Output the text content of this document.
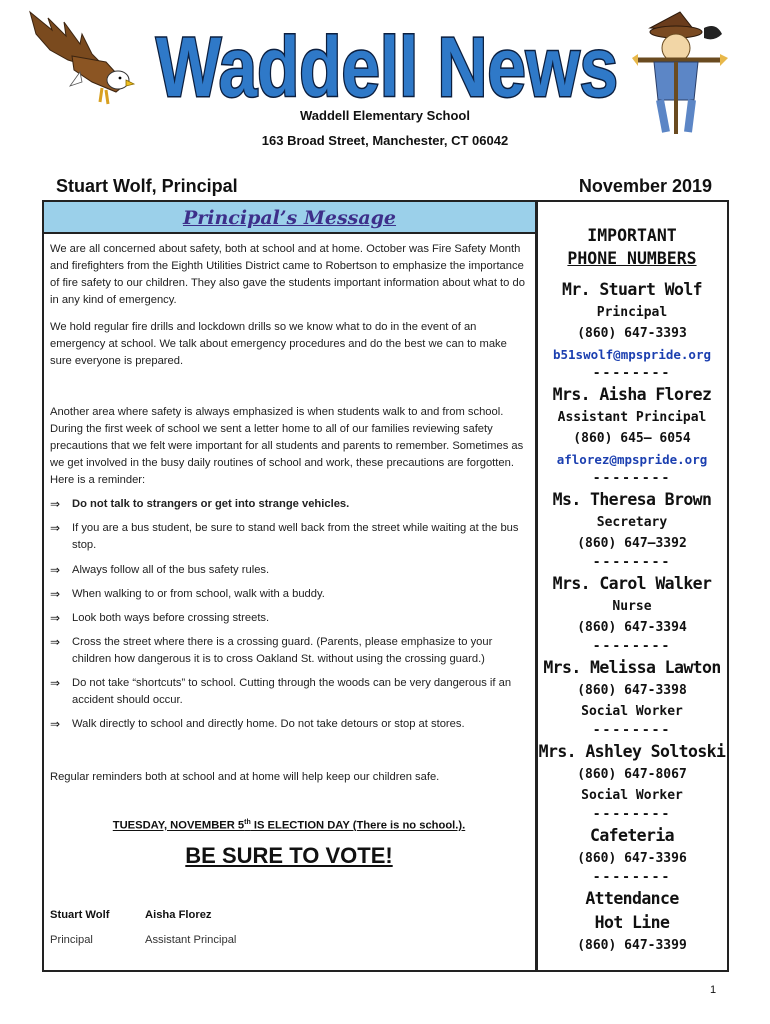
Waddell News
Waddell Elementary School
163 Broad Street, Manchester, CT 06042
Stuart Wolf, Principal	November 2019
Principal’s Message
We are all concerned about safety, both at school and at home. October was Fire Safety Month and firefighters from the Eighth Utilities District came to Robertson to emphasize the importance of fire safety to our children. They also gave the students important information about what to do in any kind of emergency.
We hold regular fire drills and lockdown drills so we know what to do in the event of an emergency at school. We talk about emergency procedures and do the best we can to make sure everyone is prepared.
Another area where safety is always emphasized is when students walk to and from school. During the first week of school we sent a letter home to all of our families reviewing safety precautions that we felt were important for all students and parents to remember. Sometimes as we get involved in the busy daily routines of school and work, these precautions are forgotten. Here is a reminder:
⇒	Do not talk to strangers or get into strange vehicles.
⇒	If you are a bus student, be sure to stand well back from the street while waiting at the bus stop.
⇒	Always follow all of the bus safety rules.
⇒	When walking to or from school, walk with a buddy.
⇒	Look both ways before crossing streets.
⇒	Cross the street where there is a crossing guard. (Parents, please emphasize to your children how dangerous it is to cross Oakland St. without using the crossing guard.)
⇒	Do not take “shortcuts” to school. Cutting through the woods can be very dangerous if an accident should occur.
⇒	Walk directly to school and directly home. Do not take detours or stop at stores.
Regular reminders both at school and at home will help keep our children safe.
TUESDAY, NOVEMBER 5th IS ELECTION DAY (There is no school.).
BE SURE TO VOTE!
Stuart Wolf	Aisha Florez
Principal	Assistant Principal
IMPORTANT
PHONE NUMBERS
Mr. Stuart Wolf
Principal
(860) 647-3393
b51swolf@mpspride.org
--------
Mrs. Aisha Florez
Assistant Principal
(860) 645– 6054
aflorez@mpspride.org
--------
Ms. Theresa Brown
Secretary
(860) 647—3392
--------
Mrs. Carol Walker
Nurse
(860) 647-3394
--------
Mrs. Melissa Lawton
(860) 647-3398
Social Worker
--------
Mrs. Ashley Soltoski
(860) 647-8067
Social Worker
--------
Cafeteria
(860) 647-3396
--------
Attendance
Hot Line
(860) 647-3399
1
